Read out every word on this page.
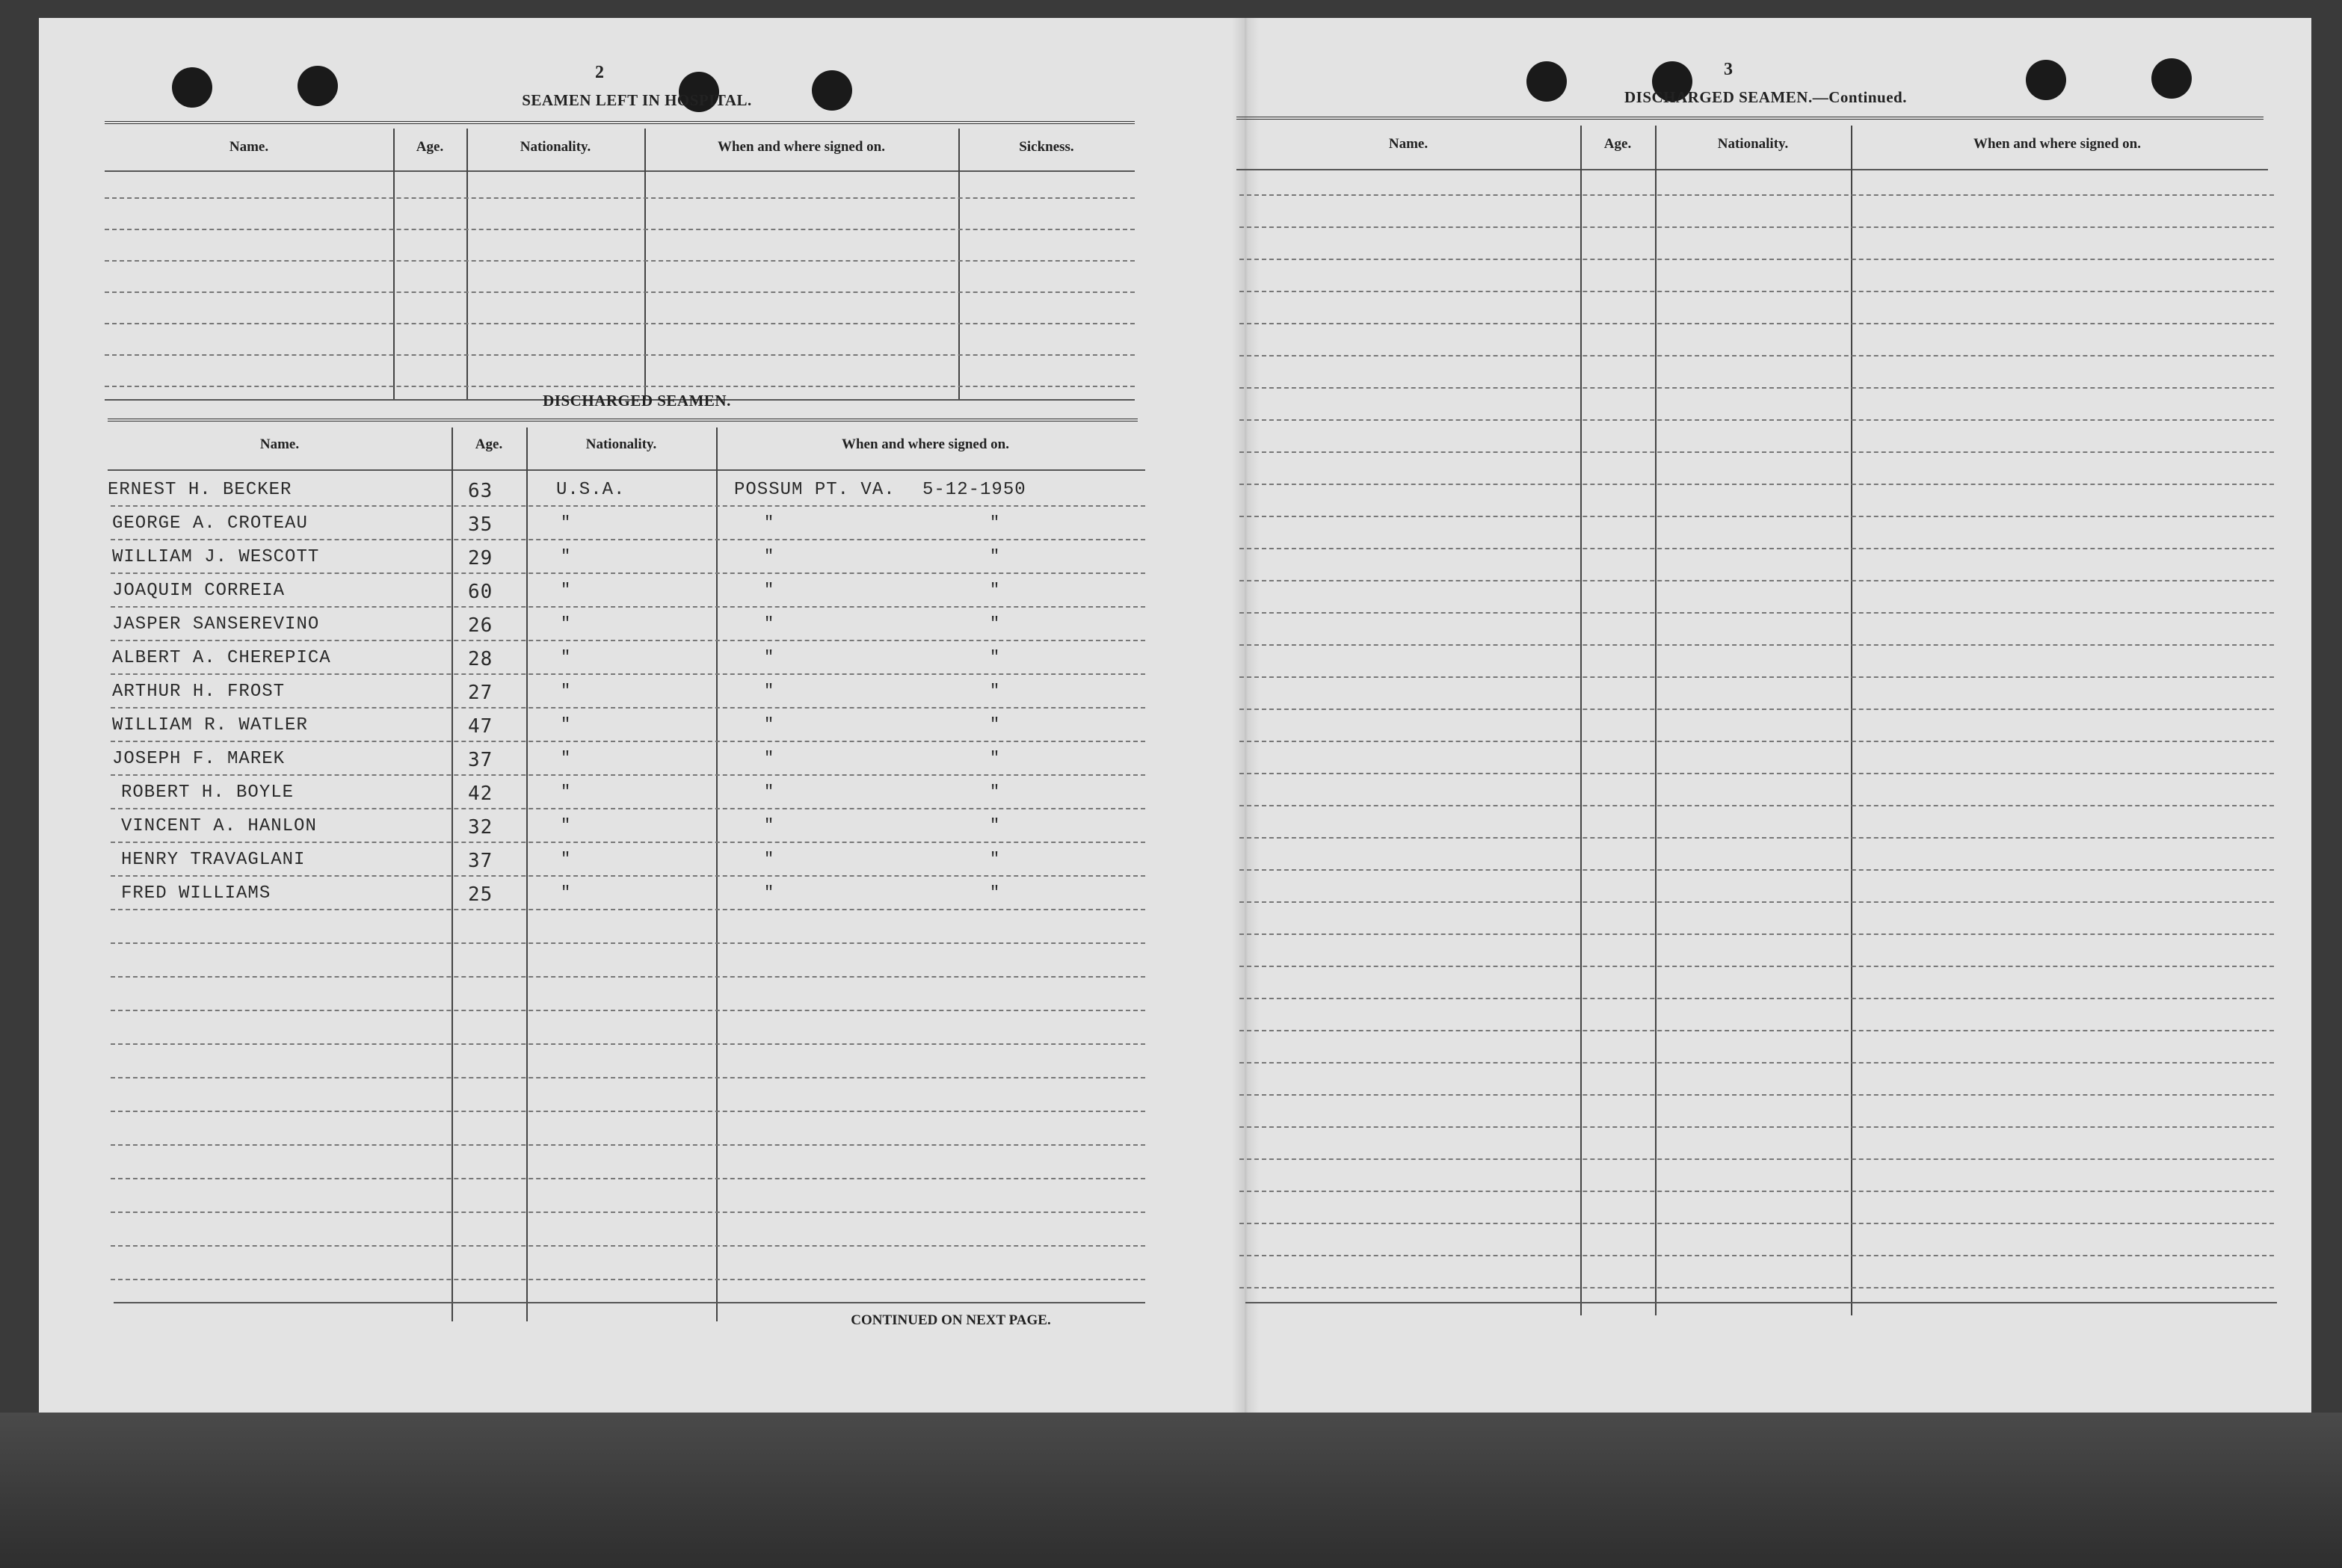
2
SEAMEN LEFT IN HOSPITAL.
Name.	Age.	Nationality.	When and where signed on.	Sickness.
DISCHARGED SEAMEN.
Name.	Age.	Nationality.	When and where signed on.
ERNEST H. BECKER	63	U.S.A.	POSSUM PT. VA. 5-12-1950
GEORGE A. CROTEAU	35	"	"	"
WILLIAM J. WESCOTT	29	"	"	"
JOAQUIM CORREIA	60	"	"	"
JASPER SANSEREVINO	26	"	"	"
ALBERT A. CHEREPICA	28	"	"	"
ARTHUR H. FROST	27	"	"	"
WILLIAM R. WATLER	47	"	"	"
JOSEPH F. MAREK	37	"	"	"
ROBERT H. BOYLE	42	"	"	"
VINCENT A. HANLON	32	"	"	"
HENRY TRAVAGLANI	37	"	"	"
FRED WILLIAMS	25	"	"	"
CONTINUED ON NEXT PAGE.
3
DISCHARGED SEAMEN.—Continued.
Name.	Age.	Nationality.	When and where signed on.
